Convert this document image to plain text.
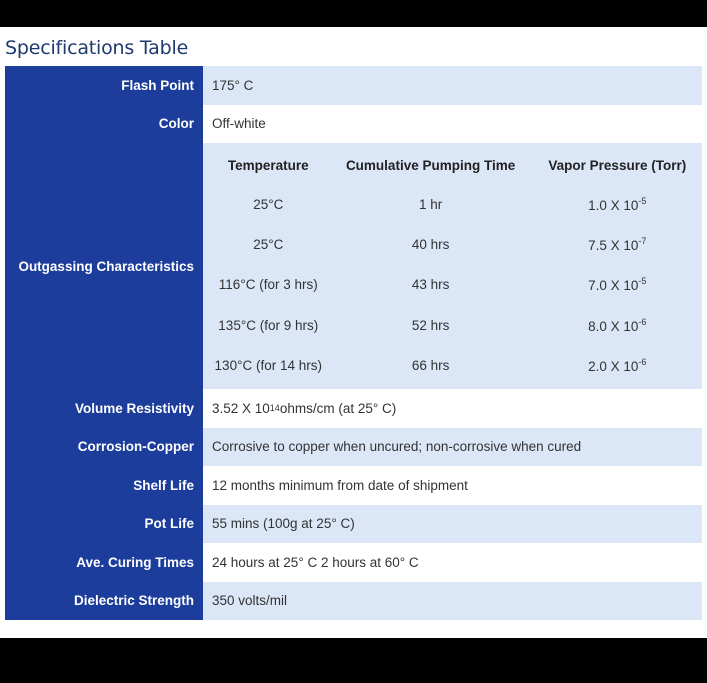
Specifications Table
Flash Point	175° C
Color	Off-white
Outgassing Characteristics
Temperature	Cumulative Pumping Time	Vapor Pressure (Torr)
25°C	1 hr	1.0 X $10^{-5}$
25°C	40 hrs	7.5 X $10^{-7}$
116°C (for 3 hrs)	43 hrs	7.0 X $10^{-5}$
135°C (for 9 hrs)	52 hrs	8.0 X $10^{-6}$
130°C (for 14 hrs)	66 hrs	2.0 X $10^{-6}$
Volume Resistivity	3.52 X 10 14 ohms/cm (at 25° C)
Corrosion-Copper	Corrosive to copper when uncured; non-corrosive when cured
Shelf Life	12 months minimum from date of shipment
Pot Life	55 mins (100g at 25° C)
Ave. Curing Times	24 hours at 25° C 2 hours at 60° C
Dielectric Strength	350 volts/mil
